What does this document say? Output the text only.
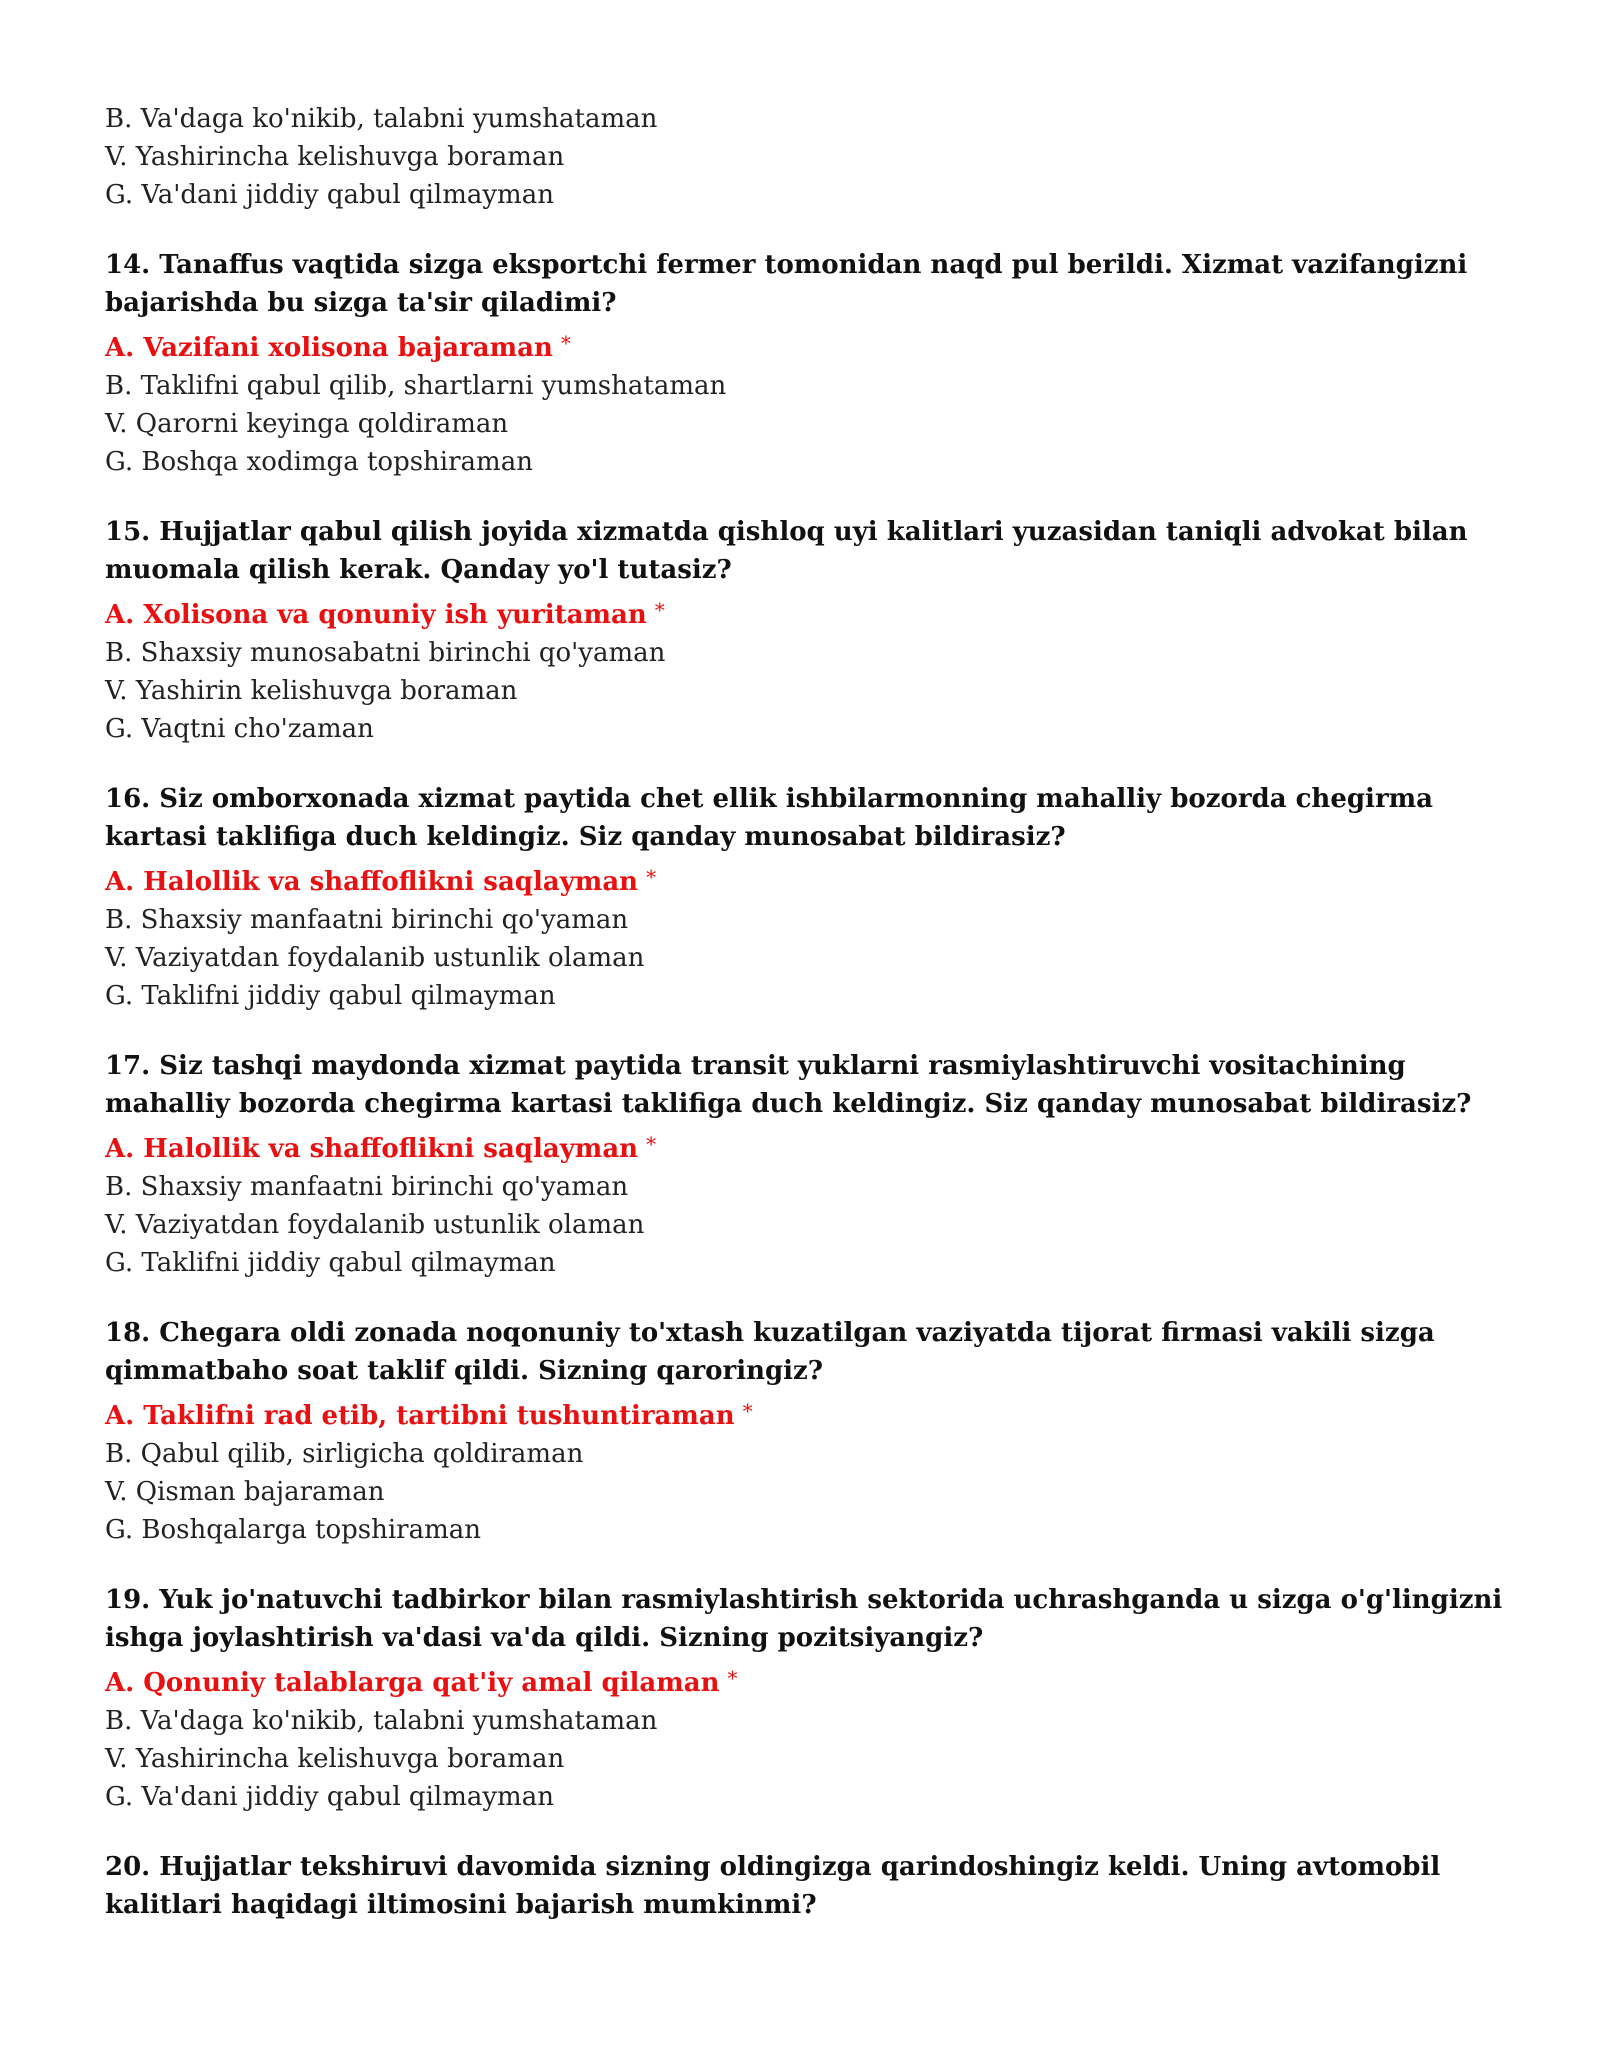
B. Va'daga ko'nikib, talabni yumshataman
V. Yashirincha kelishuvga boraman
G. Va'dani jiddiy qabul qilmayman
14. Tanaffus vaqtida sizga eksportchi fermer tomonidan naqd pul berildi. Xizmat vazifangizni bajarishda bu sizga ta'sir qiladimi?
A. Vazifani xolisona bajaraman *
B. Taklifni qabul qilib, shartlarni yumshataman
V. Qarorni keyinga qoldiraman
G. Boshqa xodimga topshiraman
15. Hujjatlar qabul qilish joyida xizmatda qishloq uyi kalitlari yuzasidan taniqli advokat bilan muomala qilish kerak. Qanday yo'l tutasiz?
A. Xolisona va qonuniy ish yuritaman *
B. Shaxsiy munosabatni birinchi qo'yaman
V. Yashirin kelishuvga boraman
G. Vaqtni cho'zaman
16. Siz omborxonada xizmat paytida chet ellik ishbilarmonning mahalliy bozorda chegirma kartasi taklifiga duch keldingiz. Siz qanday munosabat bildirasiz?
A. Halollik va shaffoflikni saqlayman *
B. Shaxsiy manfaatni birinchi qo'yaman
V. Vaziyatdan foydalanib ustunlik olaman
G. Taklifni jiddiy qabul qilmayman
17. Siz tashqi maydonda xizmat paytida transit yuklarni rasmiylashtiruvchi vositachining mahalliy bozorda chegirma kartasi taklifiga duch keldingiz. Siz qanday munosabat bildirasiz?
A. Halollik va shaffoflikni saqlayman *
B. Shaxsiy manfaatni birinchi qo'yaman
V. Vaziyatdan foydalanib ustunlik olaman
G. Taklifni jiddiy qabul qilmayman
18. Chegara oldi zonada noqonuniy to'xtash kuzatilgan vaziyatda tijorat firmasi vakili sizga qimmatbaho soat taklif qildi. Sizning qaroringiz?
A. Taklifni rad etib, tartibni tushuntiraman *
B. Qabul qilib, sirligicha qoldiraman
V. Qisman bajaraman
G. Boshqalarga topshiraman
19. Yuk jo'natuvchi tadbirkor bilan rasmiylashtirish sektorida uchrashganda u sizga o'g'lingizni ishga joylashtirish va'dasi va'da qildi. Sizning pozitsiyangiz?
A. Qonuniy talablarga qat'iy amal qilaman *
B. Va'daga ko'nikib, talabni yumshataman
V. Yashirincha kelishuvga boraman
G. Va'dani jiddiy qabul qilmayman
20. Hujjatlar tekshiruvi davomida sizning oldingizga qarindoshingiz keldi. Uning avtomobil kalitlari haqidagi iltimosini bajarish mumkinmi?
